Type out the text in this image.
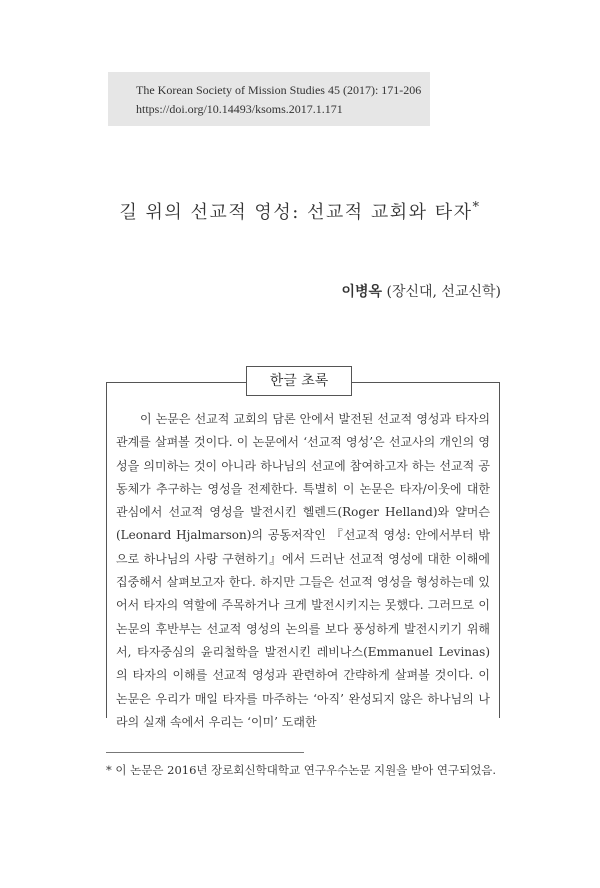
The Korean Society of Mission Studies 45 (2017): 171-206
https://doi.org/10.14493/ksoms.2017.1.171
길 위의 선교적 영성: 선교적 교회와 타자*
이병옥 (장신대, 선교신학)
한글 초록

이 논문은 선교적 교회의 담론 안에서 발전된 선교적 영성과 타자의 관계를 살펴볼 것이다. 이 논문에서 ‘선교적 영성’은 선교사의 개인의 영성을 의미하는 것이 아니라 하나님의 선교에 참여하고자 하는 선교적 공동체가 추구하는 영성을 전제한다. 특별히 이 논문은 타자/이웃에 대한 관심에서 선교적 영성을 발전시킨 헬렌드(Roger Helland)와 얄머슨(Leonard Hjalmarson)의 공동저작인 『선교적 영성: 안에서부터 밖으로 하나님의 사랑 구현하기』에서 드러난 선교적 영성에 대한 이해에 집중해서 살펴보고자 한다. 하지만 그들은 선교적 영성을 형성하는데 있어서 타자의 역할에 주목하거나 크게 발전시키지는 못했다. 그러므로 이 논문의 후반부는 선교적 영성의 논의를 보다 풍성하게 발전시키기 위해서, 타자중심의 윤리철학을 발전시킨 레비나스(Emmanuel Levinas)의 타자의 이해를 선교적 영성과 관련하여 간략하게 살펴볼 것이다. 이 논문은 우리가 매일 타자를 마주하는 ‘아직’ 완성되지 않은 하나님의 나라의 실재 속에서 우리는 ‘이미’ 도래한

* 이 논문은 2016년 장로회신학대학교 연구우수논문 지원을 받아 연구되었음.
